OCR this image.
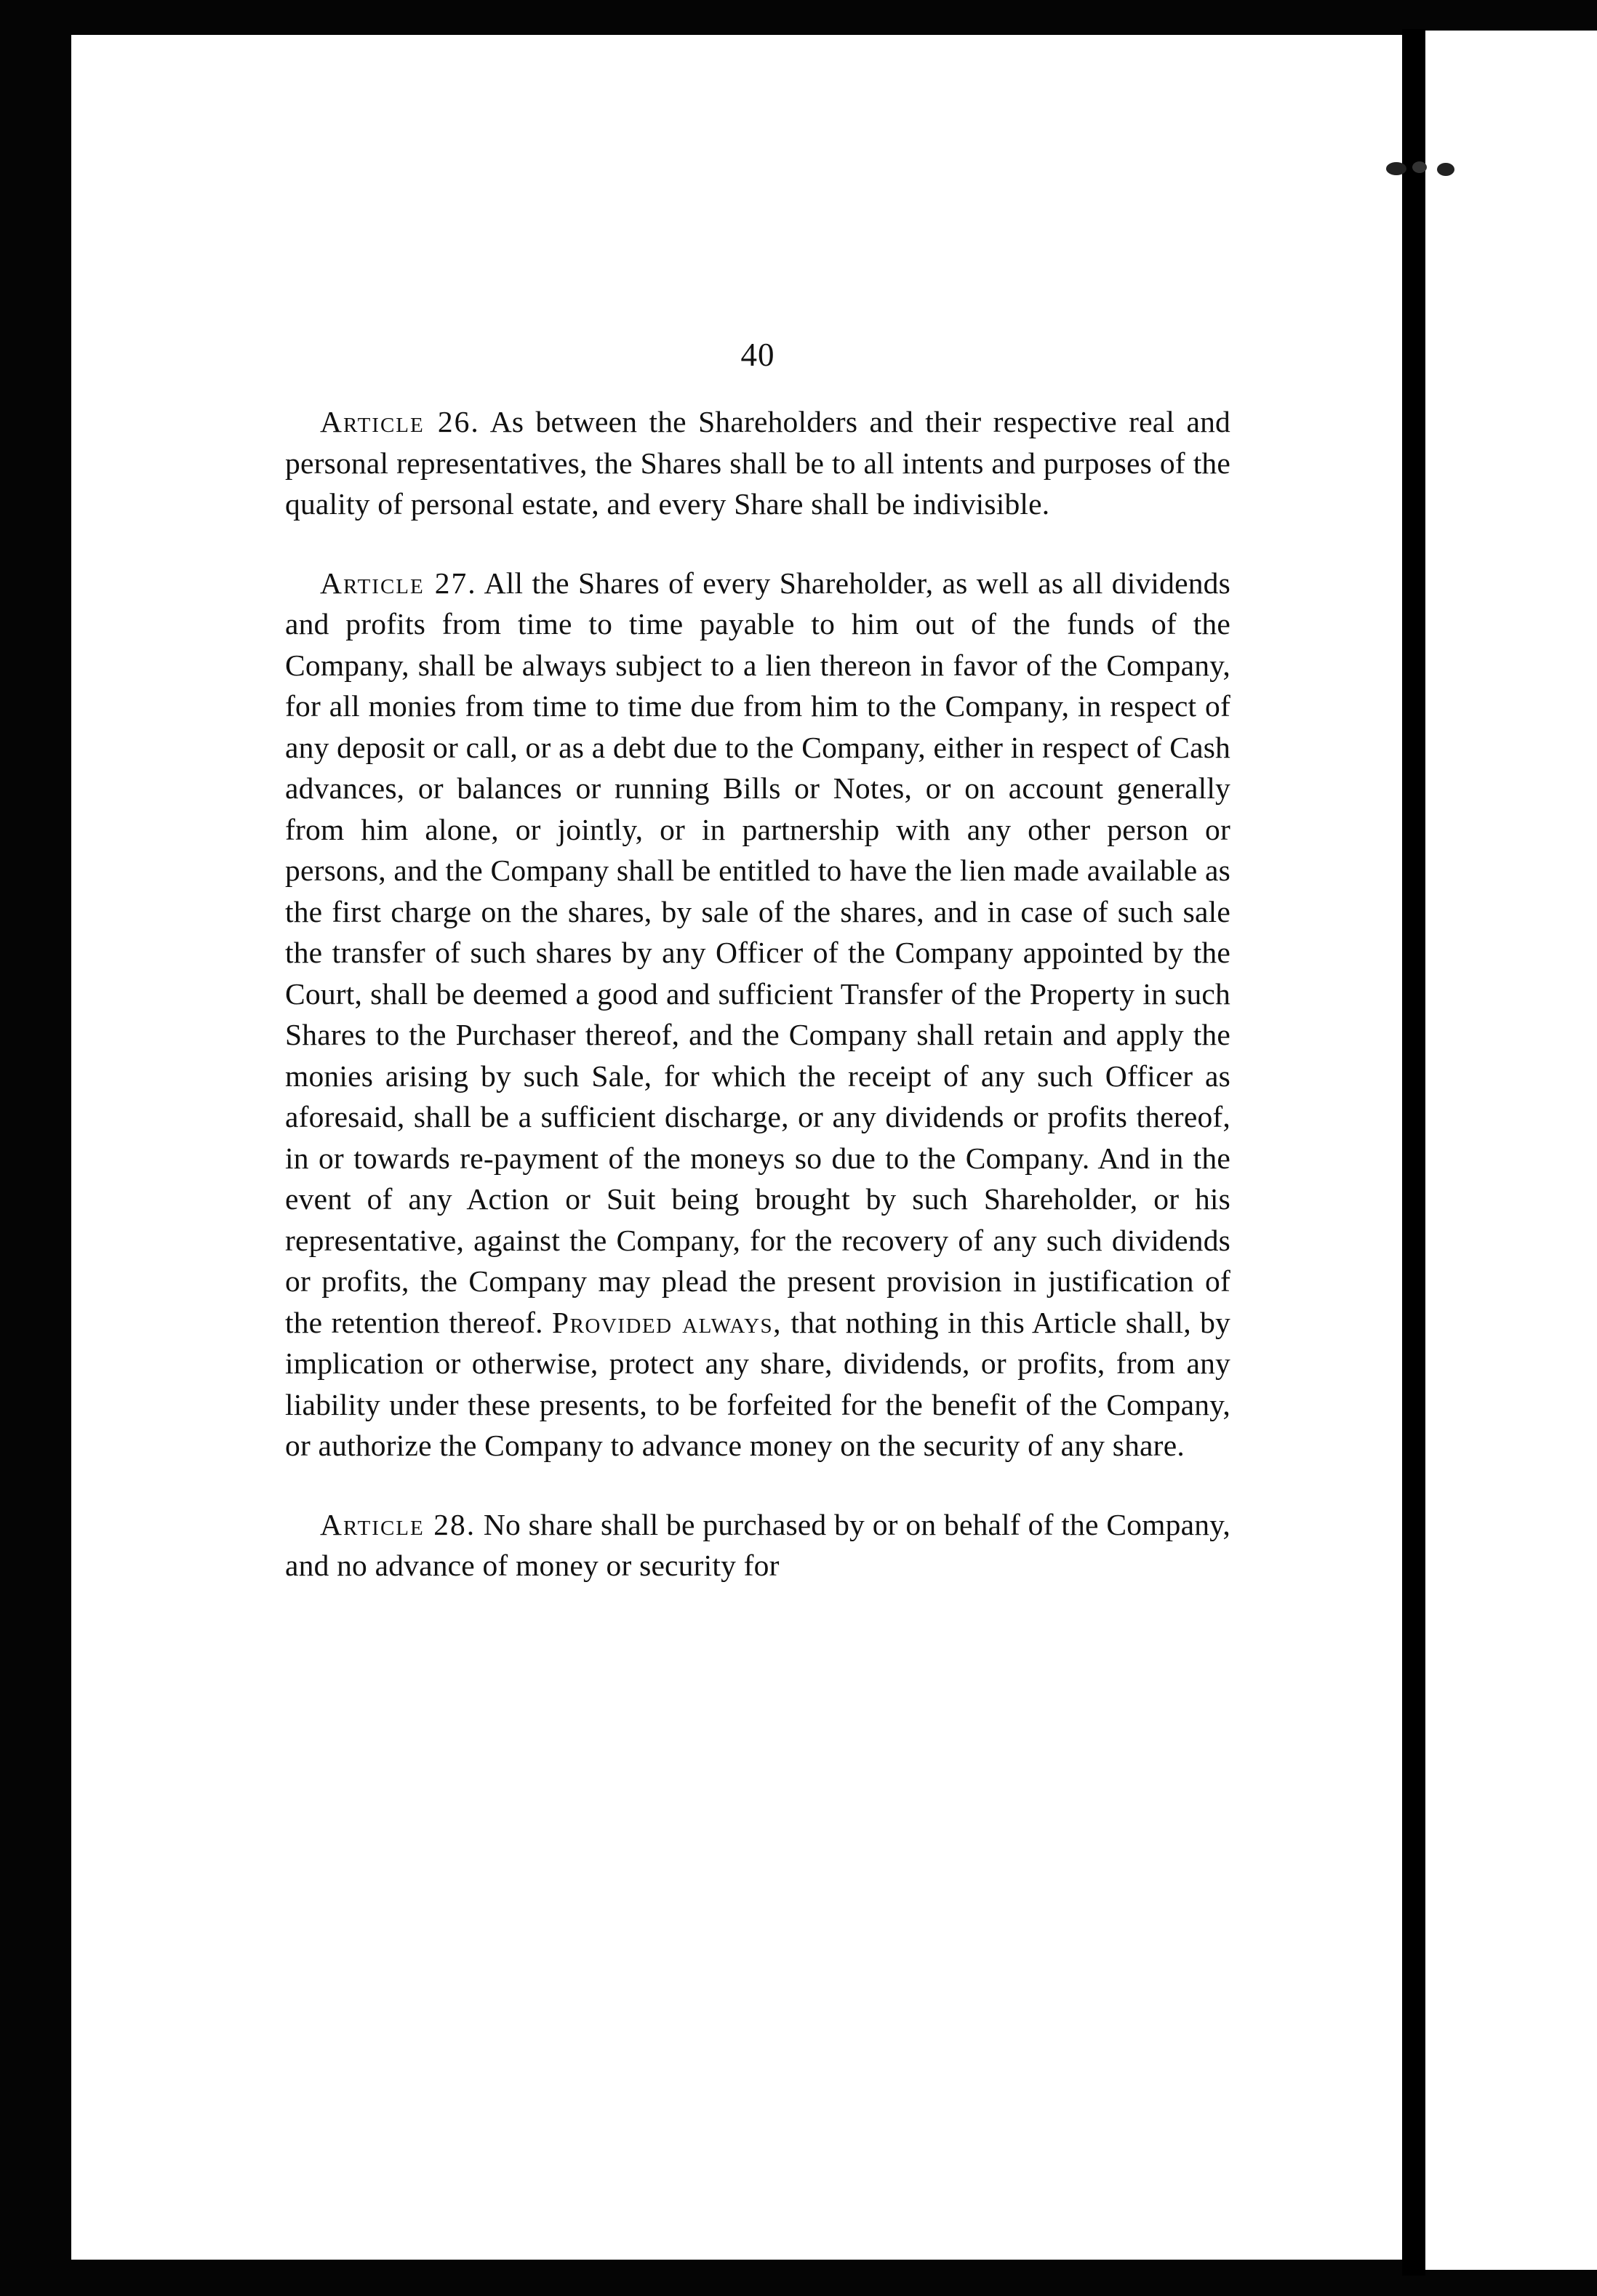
40

Article 26. As between the Shareholders and their respective real and personal representatives, the Shares shall be to all intents and purposes of the quality of personal estate, and every Share shall be indivisible.

Article 27. All the Shares of every Shareholder, as well as all dividends and profits from time to time payable to him out of the funds of the Company, shall be always subject to a lien thereon in favor of the Company, for all monies from time to time due from him to the Company, in respect of any deposit or call, or as a debt due to the Company, either in respect of Cash advances, or balances or running Bills or Notes, or on account generally from him alone, or jointly, or in partnership with any other person or persons, and the Company shall be entitled to have the lien made available as the first charge on the shares, by sale of the shares, and in case of such sale the transfer of such shares by any Officer of the Company appointed by the Court, shall be deemed a good and sufficient Transfer of the Property in such Shares to the Purchaser thereof, and the Company shall retain and apply the monies arising by such Sale, for which the receipt of any such Officer as aforesaid, shall be a sufficient discharge, or any dividends or profits thereof, in or towards re-payment of the moneys so due to the Company. And in the event of any Action or Suit being brought by such Shareholder, or his representative, against the Company, for the recovery of any such dividends or profits, the Company may plead the present provision in justification of the retention thereof. Provided always, that nothing in this Article shall, by implication or otherwise, protect any share, dividends, or profits, from any liability under these presents, to be forfeited for the benefit of the Company, or authorize the Company to advance money on the security of any share.

Article 28. No share shall be purchased by or on behalf of the Company, and no advance of money or security for
